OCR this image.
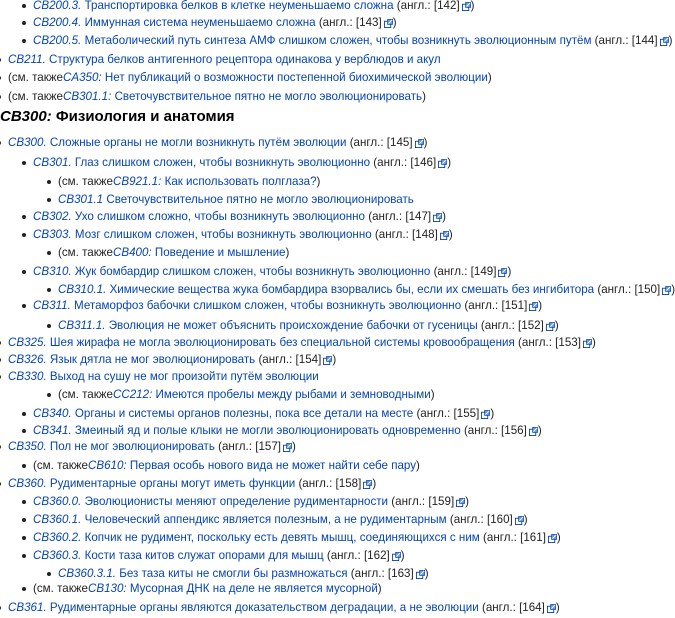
CB300: Физиология и анатомия
CB200.3.
Транспортировка белков в клетке неуменьшаемо сложна
(англ.: [142] )
CB200.4.
Иммунная система неуменьшаемо сложна
(англ.: [143] )
CB200.5.
Метаболический путь синтеза АМФ слишком сложен, чтобы возникнуть эволюционным путём
(англ.: [144] )
CB211.
Структура белков антигенного рецептора одинакова у верблюдов и акул
(см. также CA350:
Нет публикаций о возможности постепенной биохимической эволюции )
(см. также CB301.1:
Светочувствительное пятно не могло эволюционировать )
CB300.
Сложные органы не могли возникнуть путём эволюции
(англ.: [145] )
CB301.
Глаз слишком сложен, чтобы возникнуть эволюционно
(англ.: [146] )
(см. также CB921.1:
Как использовать полглаза? )
CB301.1
Светочувствительное пятно не могло эволюционировать
CB302.
Ухо слишком сложно, чтобы возникнуть эволюционно
(англ.: [147] )
CB303.
Мозг слишком сложен, чтобы возникнуть эволюционно
(англ.: [148] )
(см. также CB400:
Поведение и мышление )
CB310.
Жук бомбардир слишком сложен, чтобы возникнуть эволюционно
(англ.: [149] )
CB310.1.
Химические вещества жука бомбардира взорвались бы, если их смешать без ингибитора
(англ.: [150] )
CB311.
Метаморфоз бабочки слишком сложен, чтобы возникнуть эволюционно
(англ.: [151] )
CB311.1.
Эволюция не может объяснить происхождение бабочки от гусеницы
(англ.: [152] )
CB325.
Шея жирафа не могла эволюционировать без специальной системы кровообращения
(англ.: [153] )
CB326.
Язык дятла не мог эволюционировать
(англ.: [154] )
CB330.
Выход на сушу не мог произойти путём эволюции
(см. также CC212:
Имеются пробелы между рыбами и земноводными )
CB340.
Органы и системы органов полезны, пока все детали на месте
(англ.: [155] )
CB341.
Змеиный яд и полые клыки не могли эволюционировать одновременно
(англ.: [156] )
CB350.
Пол не мог эволюционировать
(англ.: [157] )
(см. также CB610:
Первая особь нового вида не может найти себе пару )
CB360.
Рудиментарные органы могут иметь функции
(англ.: [158] )
CB360.0.
Эволюционисты меняют определение рудиментарности
(англ.: [159] )
CB360.1.
Человеческий аппендикс является полезным, а не рудиментарным
(англ.: [160] )
CB360.2.
Копчик не рудимент, поскольку есть девять мышц, соединяющихся с ним
(англ.: [161] )
CB360.3.
Кости таза китов служат опорами для мышц
(англ.: [162] )
CB360.3.1.
Без таза киты не смогли бы размножаться
(англ.: [163] )
(см. также CB130:
Мусорная ДНК на деле не является мусорной )
CB361.
Рудиментарные органы являются доказательством деградации, а не эволюции
(англ.: [164] )
